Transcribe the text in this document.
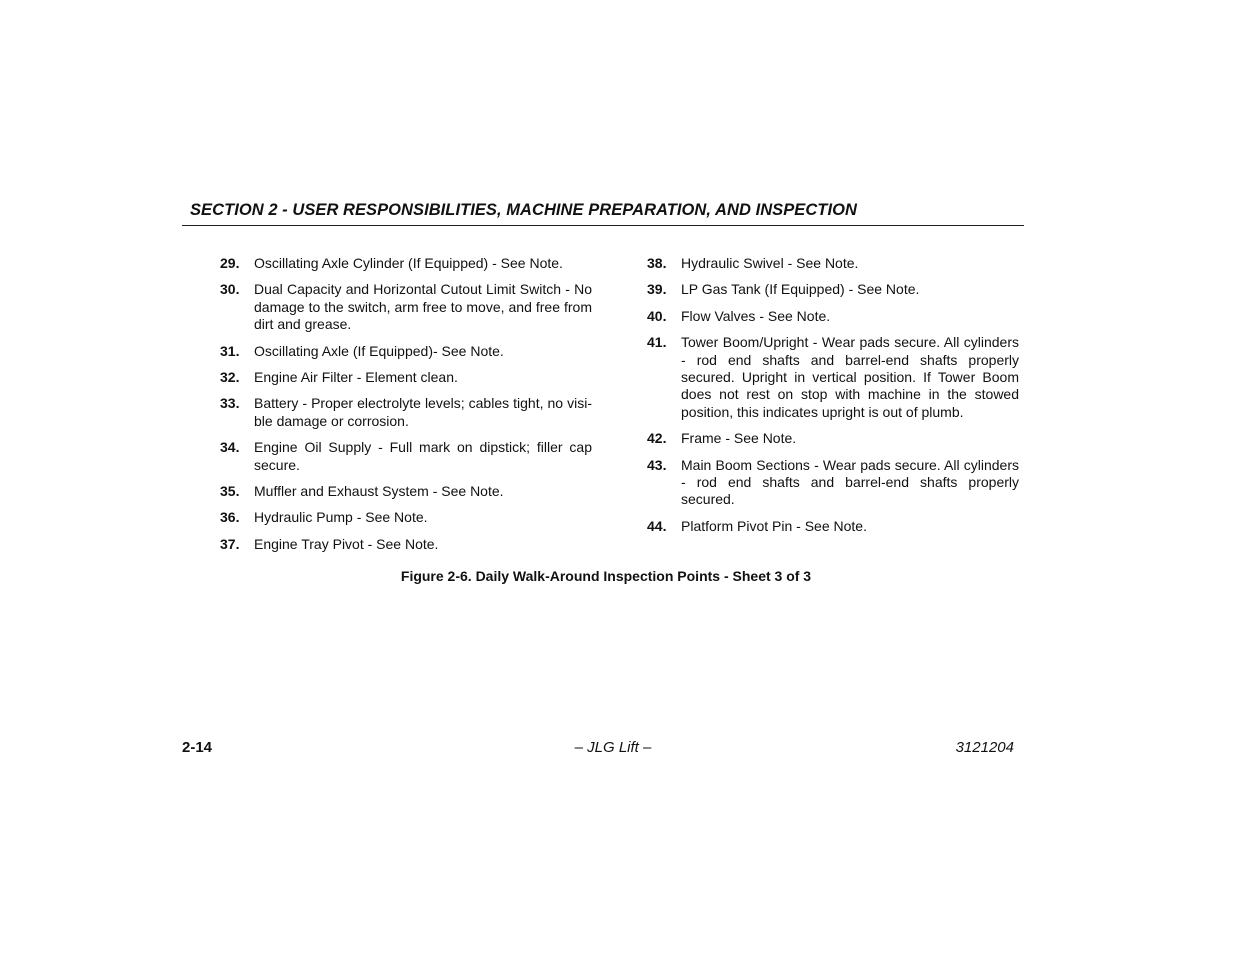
SECTION 2 - USER RESPONSIBILITIES, MACHINE PREPARATION, AND INSPECTION
29.	Oscillating Axle Cylinder (If Equipped) - See Note.
30.	Dual Capacity and Horizontal Cutout Limit Switch - No damage to the switch, arm free to move, and free from dirt and grease.
31.	Oscillating Axle (If Equipped)- See Note.
32.	Engine Air Filter - Element clean.
33.	Battery - Proper electrolyte levels; cables tight, no visi-ble damage or corrosion.
34.	Engine Oil Supply - Full mark on dipstick; filler cap secure.
35.	Muffler and Exhaust System - See Note.
36.	Hydraulic Pump - See Note.
37.	Engine Tray Pivot - See Note.
38.	Hydraulic Swivel - See Note.
39.	LP Gas Tank (If Equipped) - See Note.
40.	Flow Valves - See Note.
41.	Tower Boom/Upright - Wear pads secure. All cylinders - rod end shafts and barrel-end shafts properly secured. Upright in vertical position. If Tower Boom does not rest on stop with machine in the stowed position, this indicates upright is out of plumb.
42.	Frame - See Note.
43.	Main Boom Sections - Wear pads secure. All cylinders - rod end shafts and barrel-end shafts properly secured.
44.	Platform Pivot Pin - See Note.
Figure 2-6. Daily Walk-Around Inspection Points - Sheet 3 of 3
2-14	– JLG Lift –	3121204
